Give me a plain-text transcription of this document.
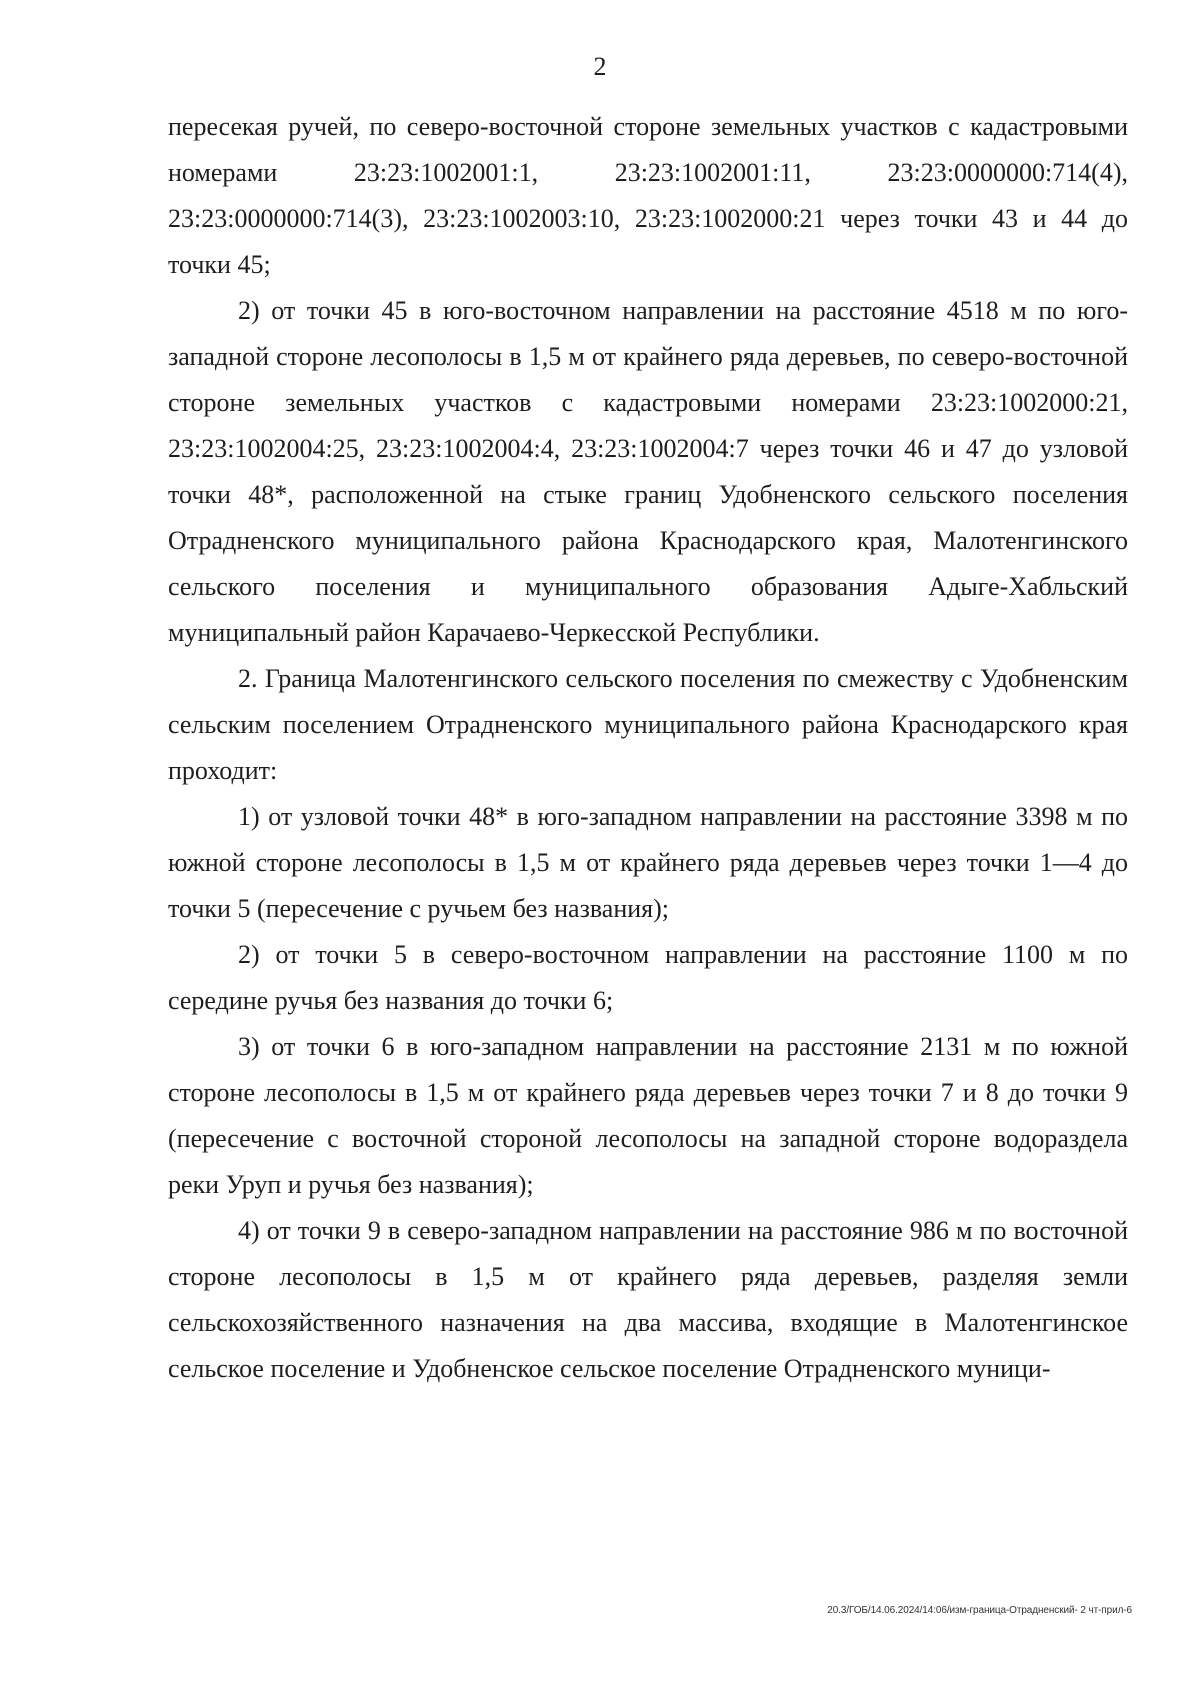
2

пересекая ручей, по северо-восточной стороне земельных участков с кадастровыми номерами 23:23:1002001:1, 23:23:1002001:11, 23:23:0000000:714(4), 23:23:0000000:714(3), 23:23:1002003:10, 23:23:1002000:21 через точки 43 и 44 до точки 45;

2) от точки 45 в юго-восточном направлении на расстояние 4518 м по юго-западной стороне лесополосы в 1,5 м от крайнего ряда деревьев, по северо-восточной стороне земельных участков с кадастровыми номерами 23:23:1002000:21, 23:23:1002004:25, 23:23:1002004:4, 23:23:1002004:7 через точки 46 и 47 до узловой точки 48*, расположенной на стыке границ Удобненского сельского поселения Отрадненского муниципального района Краснодарского края, Малотенгинского сельского поселения и муниципального образования Адыге-Хабльский муниципальный район Карачаево-Черкесской Республики.

2. Граница Малотенгинского сельского поселения по смежеству с Удобненским сельским поселением Отрадненского муниципального района Краснодарского края проходит:

1) от узловой точки 48* в юго-западном направлении на расстояние 3398 м по южной стороне лесополосы в 1,5 м от крайнего ряда деревьев через точки 1—4 до точки 5 (пересечение с ручьем без названия);

2) от точки 5 в северо-восточном направлении на расстояние 1100 м по середине ручья без названия до точки 6;

3) от точки 6 в юго-западном направлении на расстояние 2131 м по южной стороне лесополосы в 1,5 м от крайнего ряда деревьев через точки 7 и 8 до точки 9 (пересечение с восточной стороной лесополосы на западной стороне водораздела реки Уруп и ручья без названия);

4) от точки 9 в северо-западном направлении на расстояние 986 м по восточной стороне лесополосы в 1,5 м от крайнего ряда деревьев, разделяя земли сельскохозяйственного назначения на два массива, входящие в Малотенгинское сельское поселение и Удобненское сельское поселение Отрадненского муници-

20.3/ГОБ/14.06.2024/14:06/изм-граница-Отрадненский- 2 чт-прил-6
